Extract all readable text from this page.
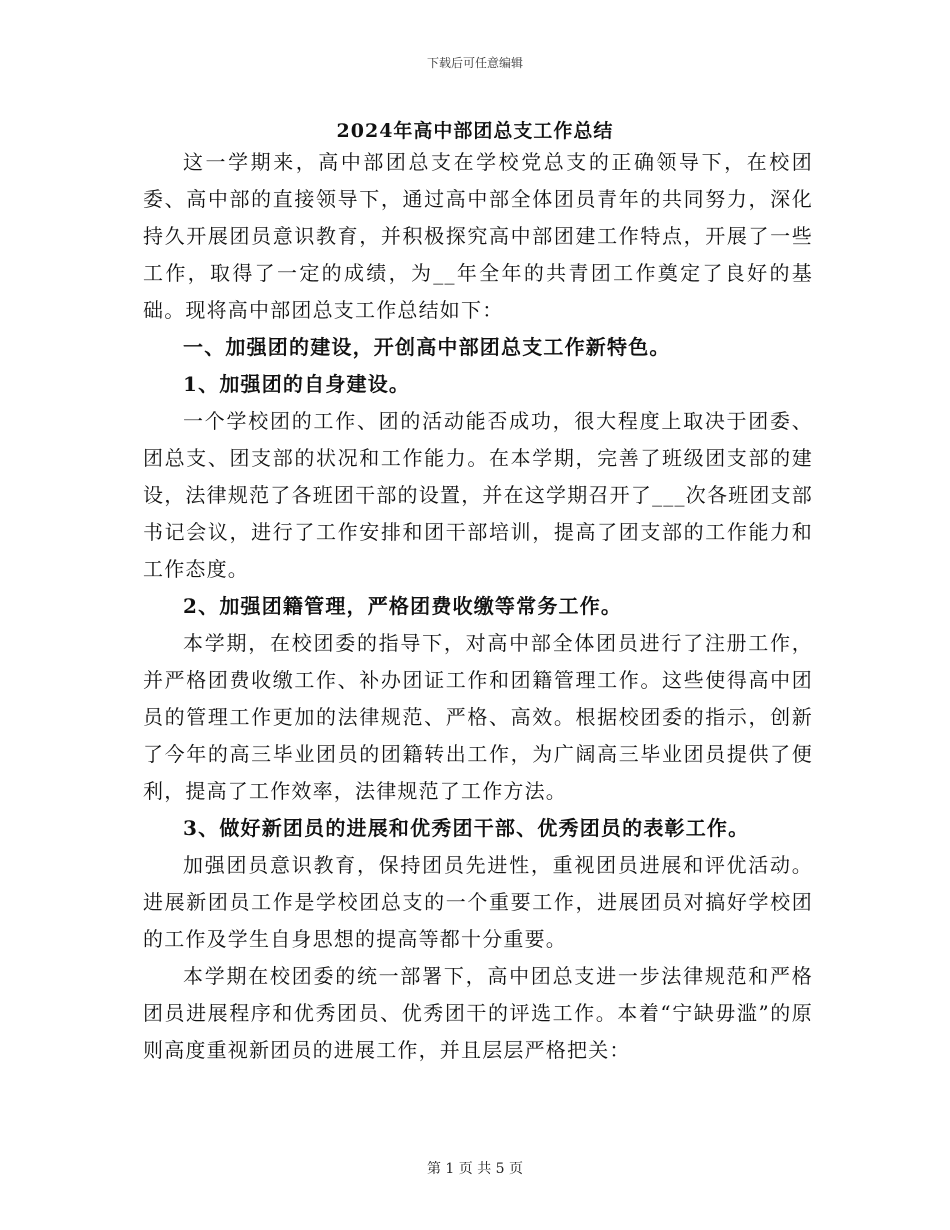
下载后可任意编辑
2024年高中部团总支工作总结

这一学期来，高中部团总支在学校党总支的正确领导下，在校团委、高中部的直接领导下，通过高中部全体团员青年的共同努力，深化持久开展团员意识教育，并积极探究高中部团建工作特点，开展了一些工作，取得了一定的成绩，为__年全年的共青团工作奠定了良好的基础。现将高中部团总支工作总结如下：

一、加强团的建设，开创高中部团总支工作新特色。

1、加强团的自身建设。

一个学校团的工作、团的活动能否成功，很大程度上取决于团委、团总支、团支部的状况和工作能力。在本学期，完善了班级团支部的建设，法律规范了各班团干部的设置，并在这学期召开了___次各班团支部书记会议，进行了工作安排和团干部培训，提高了团支部的工作能力和工作态度。

2、加强团籍管理，严格团费收缴等常务工作。

本学期，在校团委的指导下，对高中部全体团员进行了注册工作，并严格团费收缴工作、补办团证工作和团籍管理工作。这些使得高中团员的管理工作更加的法律规范、严格、高效。根据校团委的指示，创新了今年的高三毕业团员的团籍转出工作，为广阔高三毕业团员提供了便利，提高了工作效率，法律规范了工作方法。

3、做好新团员的进展和优秀团干部、优秀团员的表彰工作。

加强团员意识教育，保持团员先进性，重视团员进展和评优活动。进展新团员工作是学校团总支的一个重要工作，进展团员对搞好学校团的工作及学生自身思想的提高等都十分重要。

本学期在校团委的统一部署下，高中团总支进一步法律规范和严格团员进展程序和优秀团员、优秀团干的评选工作。本着“宁缺毋滥”的原则高度重视新团员的进展工作，并且层层严格把关：

第 1 页 共 5 页
